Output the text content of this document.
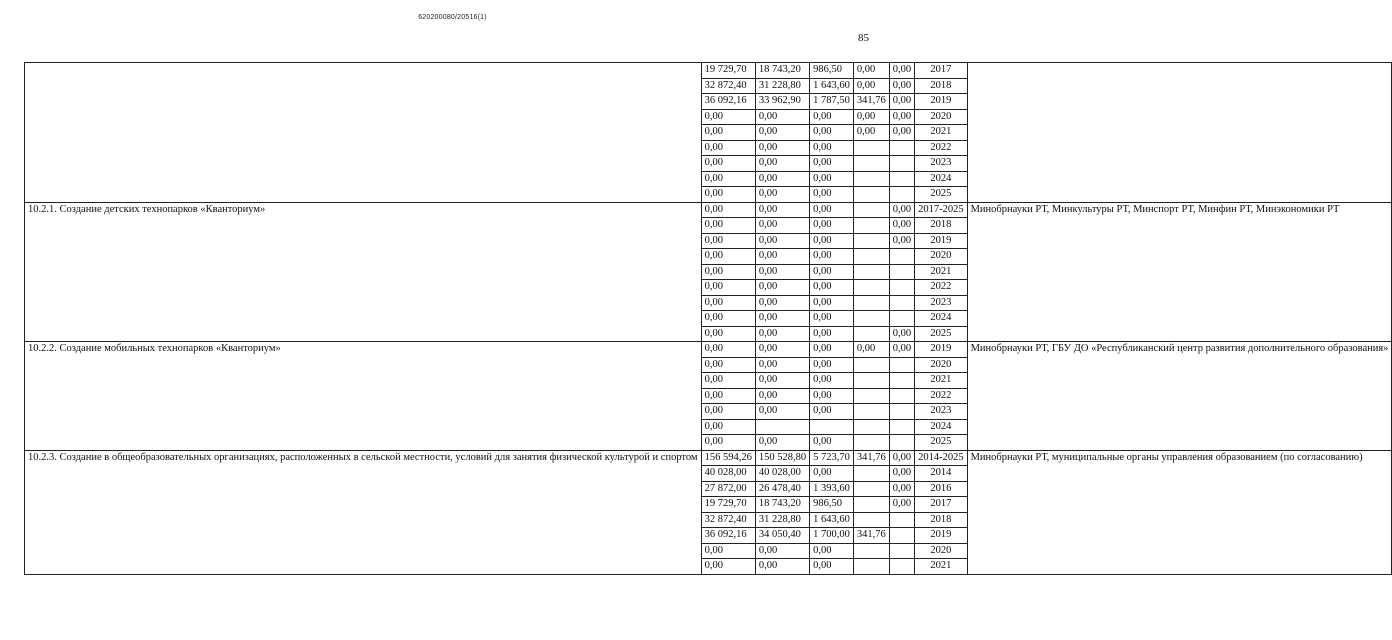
620200080/20516(1)
85
	19 729,70	18 743,20	986,50	0,00	0,00	2017	
	32 872,40	31 228,80	1 643,60	0,00	0,00	2018	
	36 092,16	33 962,90	1 787,50	341,76	0,00	2019	
	0,00	0,00	0,00	0,00	0,00	2020	
	0,00	0,00	0,00	0,00	0,00	2021	
	0,00	0,00	0,00			2022	
	0,00	0,00	0,00			2023	
	0,00	0,00	0,00			2024	
	0,00	0,00	0,00			2025	
10.2.1. Создание детских технопарков «Кванториум»	0,00	0,00	0,00		0,00	2017-2025	Минобрнауки РТ, Минкультуры РТ, Минспорт РТ, Минфин РТ, Минэкономики РТ
	0,00	0,00	0,00		0,00	2018	
	0,00	0,00	0,00		0,00	2019	
	0,00	0,00	0,00			2020	
	0,00	0,00	0,00			2021	
	0,00	0,00	0,00			2022	
	0,00	0,00	0,00			2023	
	0,00	0,00	0,00			2024	
	0,00	0,00	0,00		0,00	2025	
10.2.2. Создание мобильных технопарков «Кванториум»	0,00	0,00	0,00	0,00	0,00	2019	Минобрнауки РТ, ГБУ ДО «Республиканский центр развития дополнительного образования»
	0,00	0,00	0,00			2020	
	0,00	0,00	0,00			2021	
	0,00	0,00	0,00			2022	
	0,00	0,00	0,00			2023	
	0,00					2024	
	0,00	0,00	0,00			2025	
10.2.3. Создание в общеобразовательных организациях, расположенных в сельской местности, условий для занятия физической культурой и спортом	156 594,26	150 528,80	5 723,70	341,76	0,00	2014-2025	Минобрнауки РТ, муниципальные органы управления образованием (по согласованию)
	40 028,00	40 028,00	0,00		0,00	2014	
	27 872,00	26 478,40	1 393,60		0,00	2016	
	19 729,70	18 743,20	986,50		0,00	2017	
	32 872,40	31 228,80	1 643,60			2018	
	36 092,16	34 050,40	1 700,00	341,76		2019	
	0,00	0,00	0,00			2020	
	0,00	0,00	0,00			2021	
